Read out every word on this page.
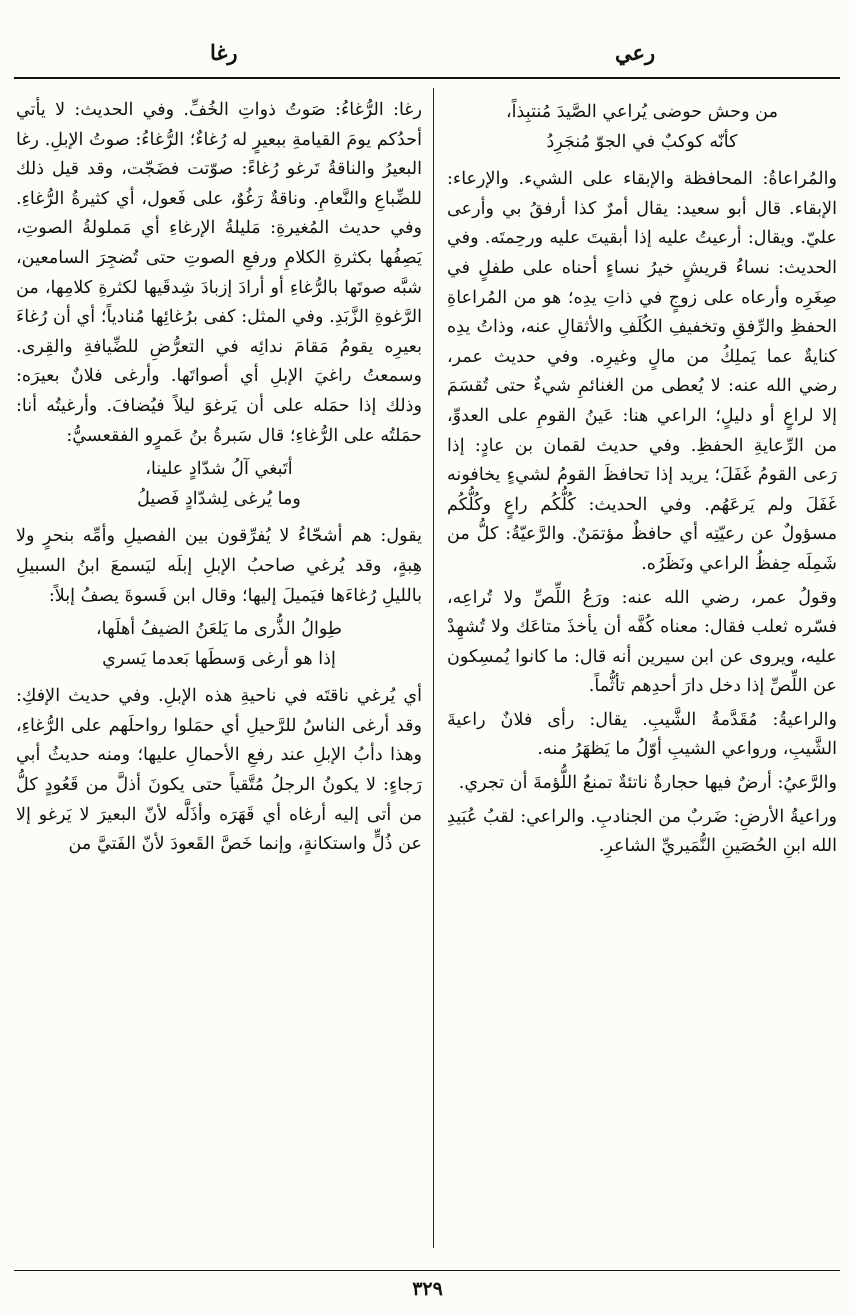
رعي
رغا
من وحش حوضى يُراعي الصَّيدَ مُنتبِذاً،
كأنّه كوكبٌ في الجوّ مُنجَرِدُ

والمُراعاةُ: المحافظة والإبقاء على الشيء. والإرعاء: الإبقاء. قال أبو سعيد: يقال أمرٌ كذا أرفقُ بي وأرعى عليّ. ويقال: أرعيتُ عليه إذا أبقيتَ عليه ورحِمتَه. وفي الحديث: نساءُ قريشٍ خيرُ نساءٍ أحناه على طفلٍ في صِغَرِه وأرعاه على زوجٍ في ذاتِ يدِه؛ هو من المُراعاةِ الحفظِ والرِّفقِ وتخفيفِ الكُلَفِ والأثقالِ عنه، وذاتُ يدِه كنايةٌ عما يَملِكُ من مالٍ وغيرِه. وفي حديث عمر، رضي الله عنه: لا يُعطى من الغنائمِ شيءٌ حتى تُقسَمَ إلا لراعٍ أو دليلٍ؛ الراعي هنا: عَينُ القومِ على العدوِّ، من الرِّعايةِ الحفظِ. وفي حديث لقمان بن عادٍ: إذا رَعى القومُ غَفَلَ؛ يريد إذا تحافظَ القومُ لشيءٍ يخافونه غَفَلَ ولم يَرعَهُم. وفي الحديث: كُلُّكُم راعٍ وكُلُّكُم مسؤولٌ عن رعيّتِه أي حافظٌ مؤتمَنٌ. والرَّعيّةُ: كلُّ من شَمِلَه حِفظُ الراعي ونَظَرُه.

وقولُ عمر، رضي الله عنه: ورَعُ اللِّصِّ ولا تُراعِه، فسّره ثعلب فقال: معناه كُفَّه أن يأخذَ متاعَك ولا تُشهِدْ عليه، ويروى عن ابن سيرين أنه قال: ما كانوا يُمسِكون عن اللِّصِّ إذا دخل دارَ أحدِهم تأثُّماً.

والراعيةُ: مُقَدَّمةُ الشَّيبِ. يقال: رأى فلانٌ راعيةَ الشَّيبِ، ورواعي الشيبِ أوّلُ ما يَظهَرُ منه.

والرَّعيُ: أرضٌ فيها حجارةٌ ناتئةٌ تمنعُ اللُّؤمةَ أن تجري.

وراعيةُ الأرضِ: ضَربٌ من الجنادبِ. والراعي: لقبُ عُبَيدِ الله ابنِ الحُصَينِ النُّمَيريِّ الشاعرِ.

رغا: الرُّغاءُ: صَوتُ ذواتِ الخُفِّ. وفي الحديث: لا يأتي أحدُكم يومَ القيامةِ ببعيرٍ له رُغاءٌ؛ الرُّغاءُ: صوتُ الإبلِ. رغا البعيرُ والناقةُ تَرغو رُغاءً: صوّتت فضَجّت، وقد قيل ذلك للضِّباعِ والنَّعامِ. وناقةٌ رَغُوٌ، على فَعول، أي كثيرةُ الرُّغاءِ. وفي حديث المُغيرةِ: مَليلةُ الإرغاءِ أي مَملولةُ الصوتِ، يَصِفُها بكثرةِ الكلامِ ورفعِ الصوتِ حتى تُضجِرَ السامعين، شبَّه صوتَها بالرُّغاءِ أو أرادَ إزبادَ شِدقَيها لكثرةِ كلامِها، من الرَّغوةِ الزَّبَدِ. وفي المثل: كفى برُغائِها مُنادياً؛ أي أن رُغاءَ بعيرِه يقومُ مَقامَ ندائِه في التعرُّضِ للضِّيافةِ والقِرى. وسمعتُ راغيَ الإبلِ أي أصواتَها. وأرغى فلانٌ بعيرَه: وذلك إذا حمَله على أن يَرغوَ ليلاً فيُضافَ. وأرغيتُه أنا: حمَلتُه على الرُّغاءِ؛ قال سَبرةُ بنُ عَمرٍو الفقعسيُّ:

أتَبغي آلُ شدّادٍ علينا،
وما يُرغى لِشدّادٍ فَصيلُ

يقول: هم أشحّاءُ لا يُفرِّقون بين الفصيلِ وأمِّه بنحرٍ ولا هِبةٍ، وقد يُرغي صاحبُ الإبلِ إبلَه ليَسمعَ ابنُ السبيلِ بالليلِ رُغاءَها فيَميلَ إليها؛ وقال ابن فَسوةَ يصفُ إبلاً:

طِوالُ الذُّرى ما يَلعَنُ الضيفُ أهلَها،
إذا هو أرغى وَسطَها بَعدما يَسري

أي يُرغي ناقتَه في ناحيةِ هذه الإبلِ. وفي حديث الإفكِ: وقد أرغى الناسُ للرَّحيلِ أي حمَلوا رواحلَهم على الرُّغاءِ، وهذا دأبُ الإبلِ عند رفعِ الأحمالِ عليها؛ ومنه حديثُ أبي رَجاءٍ: لا يكونُ الرجلُ مُتَّقياً حتى يكونَ أذلَّ من قَعُودٍ كلُّ من أتى إليه أرغاه أي قَهَرَه وأذَلَّه لأنّ البعيرَ لا يَرغو إلا عن ذُلٍّ واستكانةٍ، وإنما خَصَّ القَعودَ لأنّ الفَتيَّ من

٣٢٩
